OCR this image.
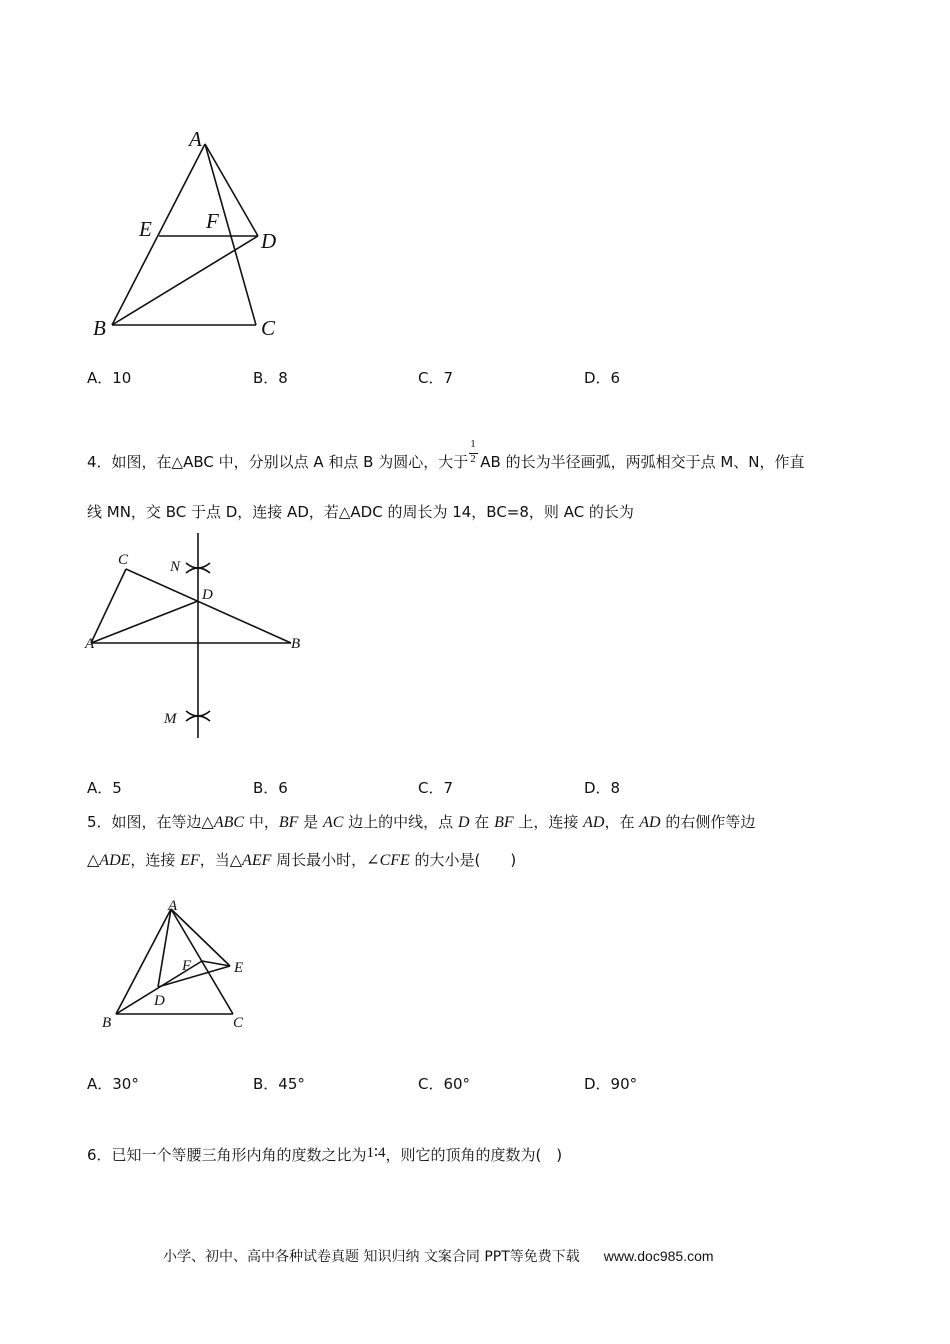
A
E	F
D
B	C
A．10	B．8	C．7	D．6
4．如图，在△ABC 中，分别以点 A 和点 B 为圆心，大于 $\frac{1}{2}$ AB 的长为半径画弧，两弧相交于点 M、N，作直
线 MN，交 BC 于点 D，连接 AD，若△ADC 的周长为 14，BC=8，则 AC 的长为
C	N
D
A	B
M
A．5	B．6	C．7	D．8
5．如图，在等边△ABC 中，BF 是 AC 边上的中线，点 D 在 BF 上，连接 AD，在 AD 的右侧作等边
△ADE，连接 EF，当△AEF 周长最小时，∠CFE 的大小是(　　)
A
F	E
D
B	C
A．30°	B．45°	C．60°	D．90°
6．已知一个等腰三角形内角的度数之比为1∶4，则它的顶角的度数为(　)
小学、初中、高中各种试卷真题 知识归纳 文案合同 PPT等免费下载 www.doc985.com
